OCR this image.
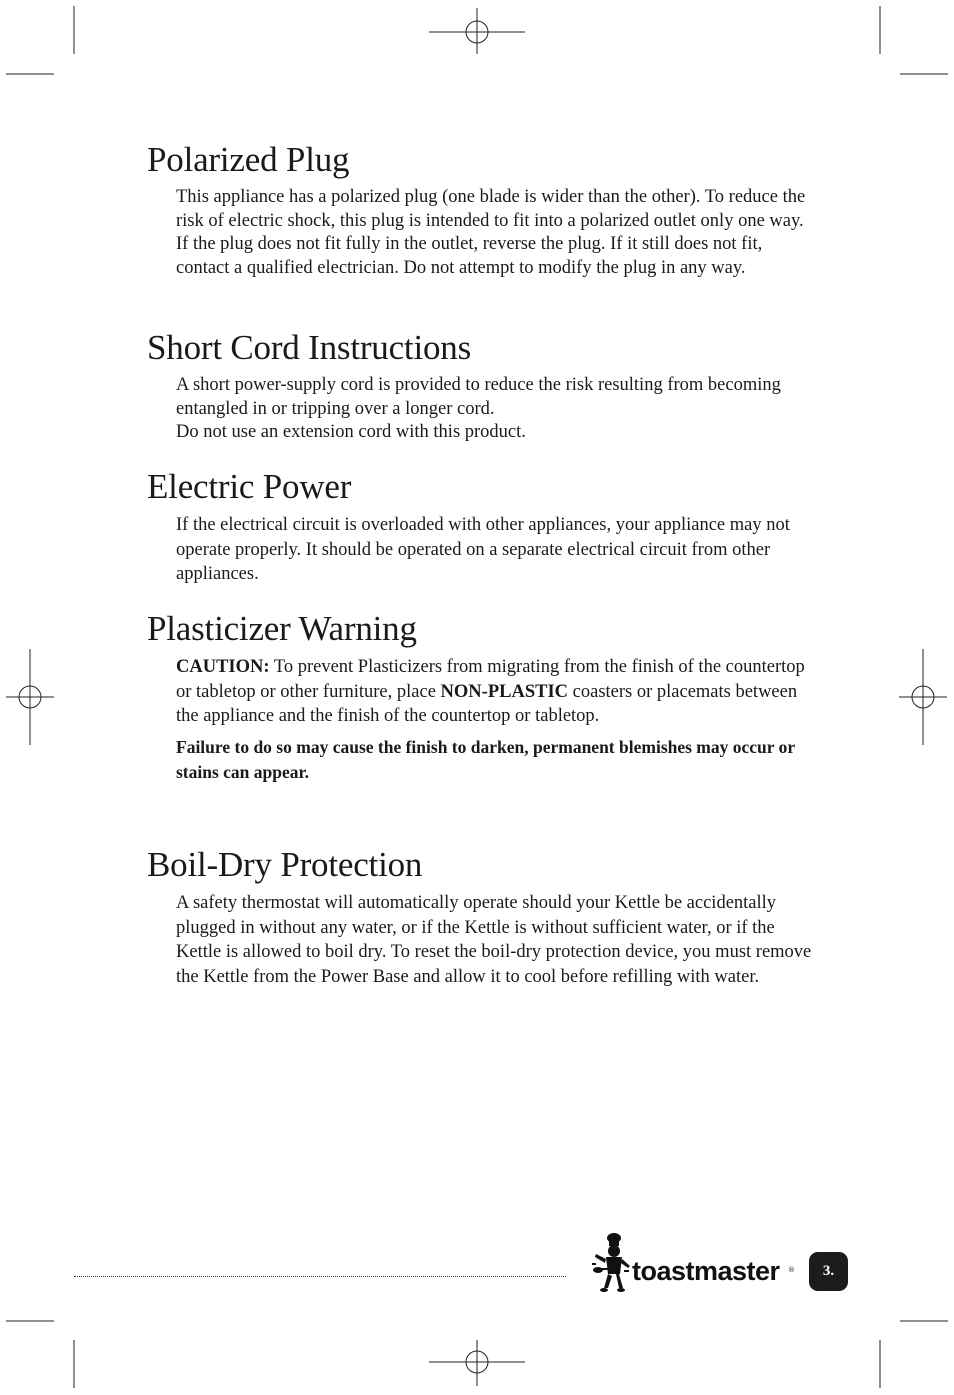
Polarized Plug

This appliance has a polarized plug (one blade is wider than the other). To reduce the risk of electric shock, this plug is intended to fit into a polarized outlet only one way. If the plug does not fit fully in the outlet, reverse the plug. If it still does not fit, contact a qualified electrician. Do not attempt to modify the plug in any way.

Short Cord Instructions

A short power-supply cord is provided to reduce the risk resulting from becoming entangled in or tripping over a longer cord.

Do not use an extension cord with this product.

Electric Power

If the electrical circuit is overloaded with other appliances, your appliance may not operate properly. It should be operated on a separate electrical circuit from other appliances.

Plasticizer Warning

CAUTION: To prevent Plasticizers from migrating from the finish of the countertop or tabletop or other furniture, place NON-PLASTIC coasters or placemats between the appliance and the finish of the countertop or tabletop.

Failure to do so may cause the finish to darken, permanent blemishes may occur or stains can appear.

Boil-Dry Protection

A safety thermostat will automatically operate should your Kettle be accidentally plugged in without any water, or if the Kettle is without sufficient water, or if the Kettle is allowed to boil dry. To reset the boil-dry protection device, you must remove the Kettle from the Power Base and allow it to cool before refilling with water.

toastmaster ®	3.
